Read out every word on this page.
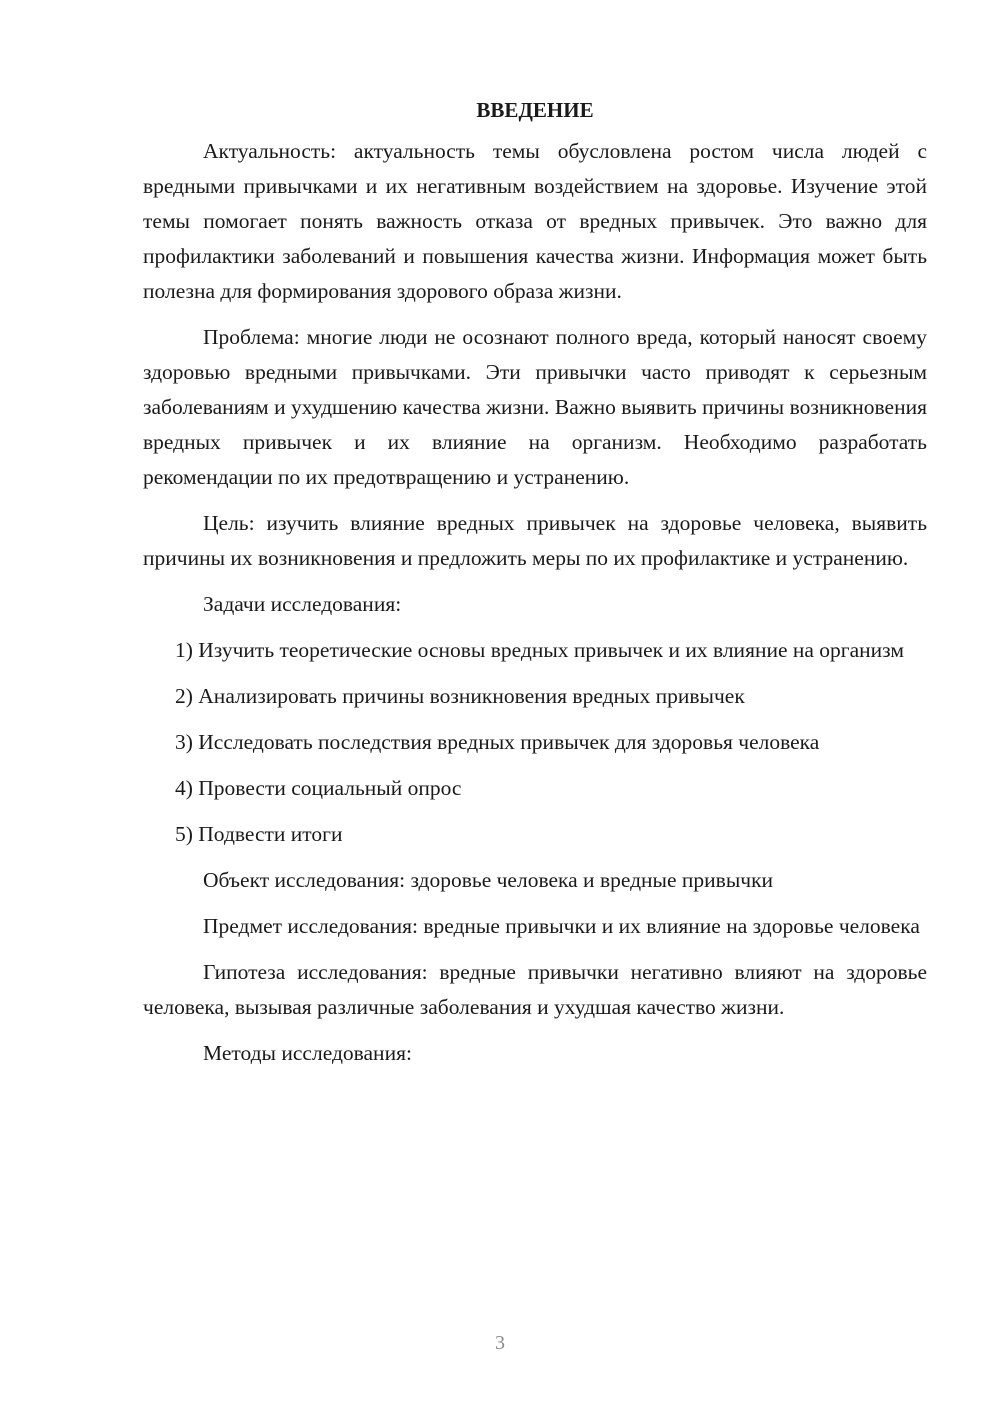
ВВЕДЕНИЕ

Актуальность: актуальность темы обусловлена ростом числа людей с вредными привычками и их негативным воздействием на здоровье. Изучение этой темы помогает понять важность отказа от вредных привычек. Это важно для профилактики заболеваний и повышения качества жизни. Информация может быть полезна для формирования здорового образа жизни.

Проблема: многие люди не осознают полного вреда, который наносят своему здоровью вредными привычками. Эти привычки часто приводят к серьезным заболеваниям и ухудшению качества жизни. Важно выявить причины возникновения вредных привычек и их влияние на организм. Необходимо разработать рекомендации по их предотвращению и устранению.

Цель: изучить влияние вредных привычек на здоровье человека, выявить причины их возникновения и предложить меры по их профилактике и устранению.

Задачи исследования:

1) Изучить теоретические основы вредных привычек и их влияние на организм

2) Анализировать причины возникновения вредных привычек

3) Исследовать последствия вредных привычек для здоровья человека

4) Провести социальный опрос

5) Подвести итоги

Объект исследования: здоровье человека и вредные привычки

Предмет исследования: вредные привычки и их влияние на здоровье человека

Гипотеза исследования: вредные привычки негативно влияют на здоровье человека, вызывая различные заболевания и ухудшая качество жизни.

Методы исследования:

3
